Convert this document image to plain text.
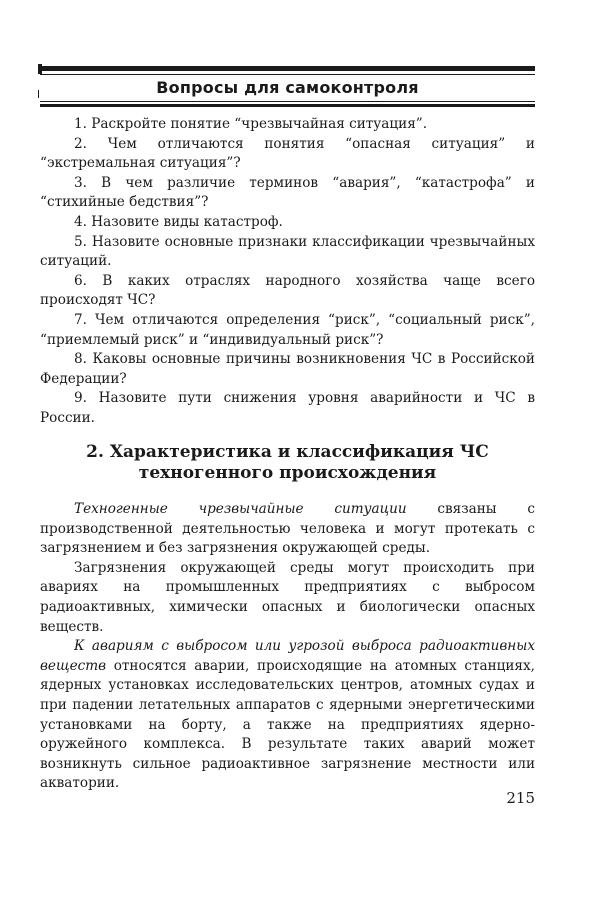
Вопросы для самоконтроля

1. Раскройте понятие “чрезвычайная ситуация”.

2. Чем отличаются понятия “опасная ситуация” и “экстремальная ситуация”?

3. В чем различие терминов “авария”, “катастрофа” и “стихийные бедствия”?

4. Назовите виды катастроф.

5. Назовите основные признаки классификации чрезвычайных ситуаций.

6. В каких отраслях народного хозяйства чаще всего происходят ЧС?

7. Чем отличаются определения “риск”, “социальный риск”, “приемлемый риск” и “индивидуальный риск”?

8. Каковы основные причины возникновения ЧС в Российской Федерации?

9. Назовите пути снижения уровня аварийности и ЧС в России.

2. Характеристика и классификация ЧС
техногенного происхождения

Техногенные чрезвычайные ситуации связаны с производственной деятельностью человека и могут протекать с загрязнением и без загрязнения окружающей среды.

Загрязнения окружающей среды могут происходить при авариях на промышленных предприятиях с выбросом радиоактивных, химически опасных и биологически опасных веществ.

К авариям с выбросом или угрозой выброса радиоактивных веществ относятся аварии, происходящие на атомных станциях, ядерных установках исследовательских центров, атомных судах и при падении летательных аппаратов с ядерными энергетическими установками на борту, а также на предприятиях ядерно-оружейного комплекса. В результате таких аварий может возникнуть сильное радиоактивное загрязнение местности или акватории.

215
